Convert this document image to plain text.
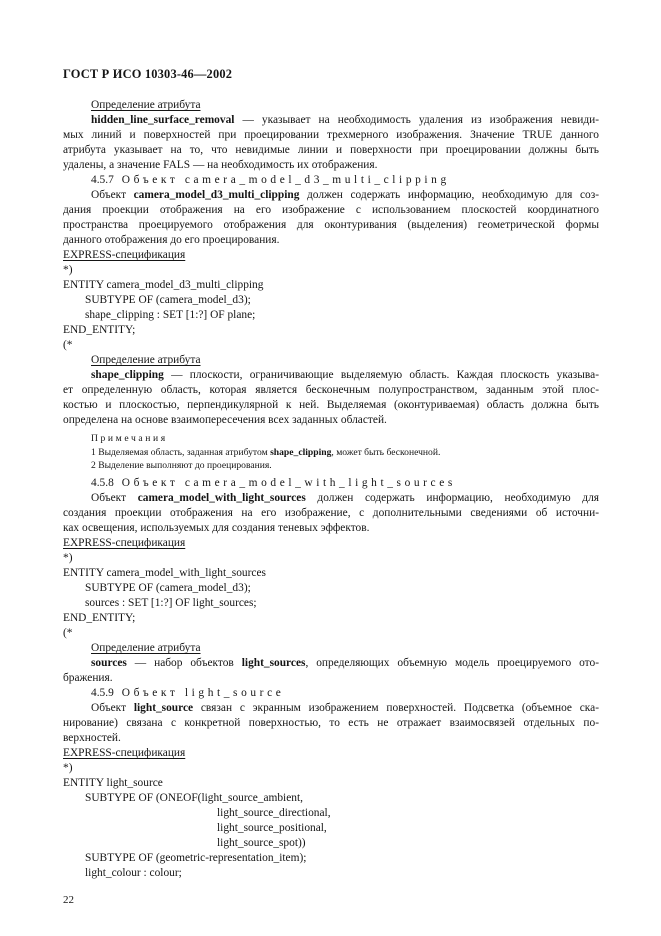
ГОСТ Р ИСО 10303-46—2002
Определение атрибута
hidden_line_surface_removal — указывает на необходимость удаления из изображения невиди-
мых линий и поверхностей при проецировании трехмерного изображения. Значение TRUE данного
атрибута указывает на то, что невидимые линии и поверхности при проецировании должны быть
удалены, а значение FALS — на необходимость их отображения.
4.5.7 Объект camera_model_d3_multi_clipping
Объект camera_model_d3_multi_clipping должен содержать информацию, необходимую для соз-
дания проекции отображения на его изображение с использованием плоскостей координатного
пространства проецируемого отображения для оконтуривания (выделения) геометрической формы
данного отображения до его проецирования.
EXPRESS-спецификация
*)
ENTITY camera_model_d3_multi_clipping
SUBTYPE OF (camera_model_d3);
shape_clipping : SET [1:?] OF plane;
END_ENTITY;
(*
Определение атрибута
shape_clipping — плоскости, ограничивающие выделяемую область. Каждая плоскость указыва-
ет определенную область, которая является бесконечным полупространством, заданным этой плос-
костью и плоскостью, перпендикулярной к ней. Выделяемая (оконтуриваемая) область должна быть
определена на основе взаимопересечения всех заданных областей.
Примечания
1 Выделяемая область, заданная атрибутом shape_clipping, может быть бесконечной.
2 Выделение выполняют до проецирования.
4.5.8 Объект camera_model_with_light_sources
Объект camera_model_with_light_sources должен содержать информацию, необходимую для
создания проекции отображения на его изображение, с дополнительными сведениями об источни-
ках освещения, используемых для создания теневых эффектов.
EXPRESS-спецификация
*)
ENTITY camera_model_with_light_sources
SUBTYPE OF (camera_model_d3);
sources : SET [1:?] OF light_sources;
END_ENTITY;
(*
Определение атрибута
sources — набор объектов light_sources, определяющих объемную модель проецируемого ото-
бражения.
4.5.9 Объект light_source
Объект light_source связан с экранным изображением поверхностей. Подсветка (объемное ска-
нирование) связана с конкретной поверхностью, то есть не отражает взаимосвязей отдельных по-
верхностей.
EXPRESS-спецификация
*)
ENTITY light_source
SUBTYPE OF (ONEOF(light_source_ambient,
light_source_directional,
light_source_positional,
light_source_spot))
SUBTYPE OF (geometric-representation_item);
light_colour : colour;
22
